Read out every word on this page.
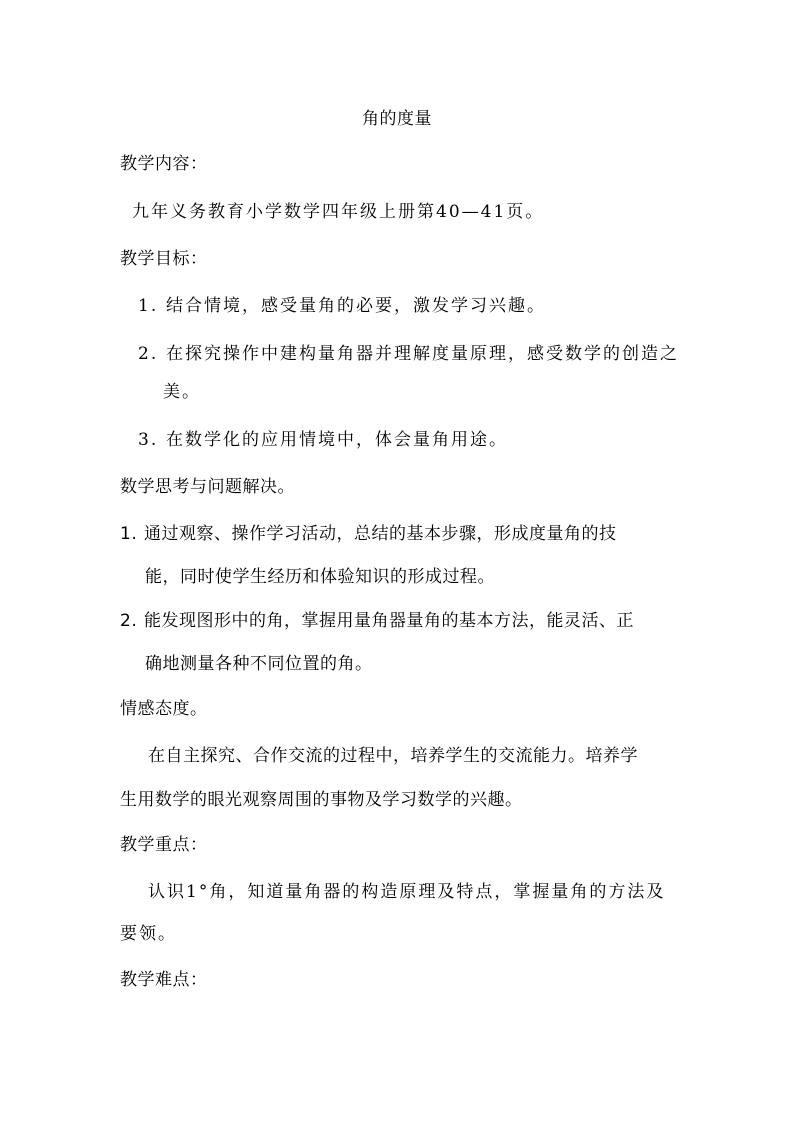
角的度量
教学内容：
九年义务教育小学数学四年级上册第40—41页。
教学目标：
1. 结合情境，感受量角的必要，激发学习兴趣。
2. 在探究操作中建构量角器并理解度量原理，感受数学的创造之
美。
3. 在数学化的应用情境中，体会量角用途。
数学思考与问题解决。
1. 通过观察、操作学习活动，总结的基本步骤，形成度量角的技
能，同时使学生经历和体验知识的形成过程。
2. 能发现图形中的角，掌握用量角器量角的基本方法，能灵活、正
确地测量各种不同位置的角。
情感态度。
在自主探究、合作交流的过程中，培养学生的交流能力。培养学
生用数学的眼光观察周围的事物及学习数学的兴趣。
教学重点：
认识1°角，知道量角器的构造原理及特点，掌握量角的方法及
要领。
教学难点：
